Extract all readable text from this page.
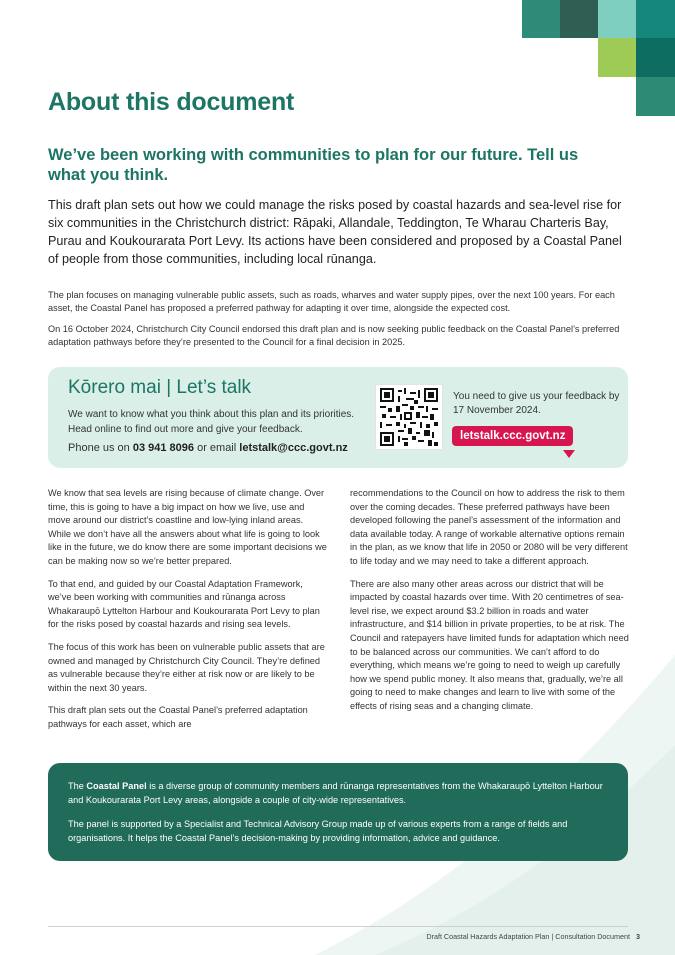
About this document
We’ve been working with communities to plan for our future. Tell us what you think.

This draft plan sets out how we could manage the risks posed by coastal hazards and sea-level rise for six communities in the Christchurch district: Rāpaki, Allandale, Teddington, Te Wharau Charteris Bay, Purau and Koukourarata Port Levy. Its actions have been considered and proposed by a Coastal Panel of people from those communities, including local rūnanga.

The plan focuses on managing vulnerable public assets, such as roads, wharves and water supply pipes, over the next 100 years. For each asset, the Coastal Panel has proposed a preferred pathway for adapting it over time, alongside the expected cost.

On 16 October 2024, Christchurch City Council endorsed this draft plan and is now seeking public feedback on the Coastal Panel’s preferred adaptation pathways before they’re presented to the Council for a final decision in 2025.

Kōrero mai | Let’s talk
We want to know what you think about this plan and its priorities. Head online to find out more and give your feedback.
Phone us on 03 941 8096 or email letstalk@ccc.govt.nz
You need to give us your feedback by 17 November 2024.
letstalk.ccc.govt.nz

We know that sea levels are rising because of climate change. Over time, this is going to have a big impact on how we live, use and move around our district’s coastline and low-lying inland areas. While we don’t have all the answers about what life is going to look like in the future, we do know there are some important decisions we can be making now so we’re better prepared.

To that end, and guided by our Coastal Adaptation Framework, we’ve been working with communities and rūnanga across Whakaraupō Lyttelton Harbour and Koukourarata Port Levy to plan for the risks posed by coastal hazards and rising sea levels.

The focus of this work has been on vulnerable public assets that are owned and managed by Christchurch City Council. They’re defined as vulnerable because they’re either at risk now or are likely to be within the next 30 years.

This draft plan sets out the Coastal Panel’s preferred adaptation pathways for each asset, which are

recommendations to the Council on how to address the risk to them over the coming decades. These preferred pathways have been developed following the panel’s assessment of the information and data available today. A range of workable alternative options remain in the plan, as we know that life in 2050 or 2080 will be very different to life today and we may need to take a different approach.

There are also many other areas across our district that will be impacted by coastal hazards over time. With 20 centimetres of sea-level rise, we expect around $3.2 billion in roads and water infrastructure, and $14 billion in private properties, to be at risk. The Council and ratepayers have limited funds for adaptation which need to be balanced across our communities. We can’t afford to do everything, which means we’re going to need to weigh up carefully how we spend public money. It also means that, gradually, we’re all going to need to make changes and learn to live with some of the effects of rising seas and a changing climate.

The Coastal Panel is a diverse group of community members and rūnanga representatives from the Whakaraupō Lyttelton Harbour and Koukourarata Port Levy areas, alongside a couple of city-wide representatives.

The panel is supported by a Specialist and Technical Advisory Group made up of various experts from a range of fields and organisations. It helps the Coastal Panel’s decision-making by providing information, advice and guidance.

Draft Coastal Hazards Adaptation Plan | Consultation Document 3
